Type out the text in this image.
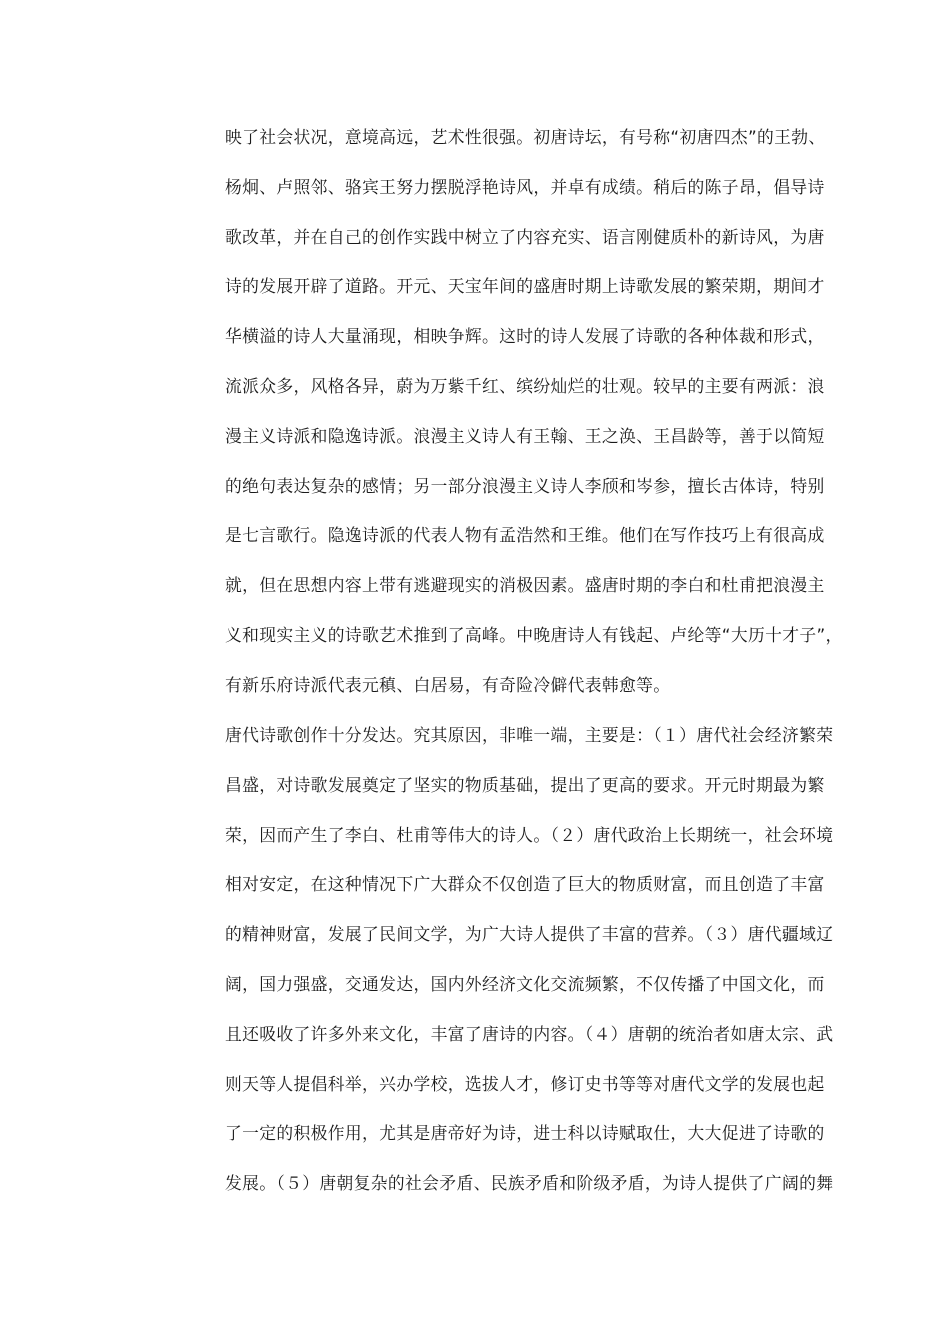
映了社会状况，意境高远，艺术性很强。初唐诗坛，有号称“初唐四杰”的王勃、
杨炯、卢照邻、骆宾王努力摆脱浮艳诗风，并卓有成绩。稍后的陈子昂，倡导诗
歌改革，并在自己的创作实践中树立了内容充实、语言刚健质朴的新诗风，为唐
诗的发展开辟了道路。开元、天宝年间的盛唐时期上诗歌发展的繁荣期，期间才
华横溢的诗人大量涌现，相映争辉。这时的诗人发展了诗歌的各种体裁和形式，
流派众多，风格各异，蔚为万紫千红、缤纷灿烂的壮观。较早的主要有两派：浪
漫主义诗派和隐逸诗派。浪漫主义诗人有王翰、王之涣、王昌龄等，善于以简短
的绝句表达复杂的感情；另一部分浪漫主义诗人李颀和岑参，擅长古体诗，特别
是七言歌行。隐逸诗派的代表人物有孟浩然和王维。他们在写作技巧上有很高成
就，但在思想内容上带有逃避现实的消极因素。盛唐时期的李白和杜甫把浪漫主
义和现实主义的诗歌艺术推到了高峰。中晚唐诗人有钱起、卢纶等“大历十才子”，
有新乐府诗派代表元稹、白居易，有奇险冷僻代表韩愈等。
唐代诗歌创作十分发达。究其原因，非唯一端，主要是：（１）唐代社会经济繁荣
昌盛，对诗歌发展奠定了坚实的物质基础，提出了更高的要求。开元时期最为繁
荣，因而产生了李白、杜甫等伟大的诗人。（２）唐代政治上长期统一，社会环境
相对安定，在这种情况下广大群众不仅创造了巨大的物质财富，而且创造了丰富
的精神财富，发展了民间文学，为广大诗人提供了丰富的营养。（３）唐代疆域辽
阔，国力强盛，交通发达，国内外经济文化交流频繁，不仅传播了中国文化，而
且还吸收了许多外来文化，丰富了唐诗的内容。（４）唐朝的统治者如唐太宗、武
则天等人提倡科举，兴办学校，选拔人才，修订史书等等对唐代文学的发展也起
了一定的积极作用，尤其是唐帝好为诗，进士科以诗赋取仕，大大促进了诗歌的
发展。（５）唐朝复杂的社会矛盾、民族矛盾和阶级矛盾，为诗人提供了广阔的舞
